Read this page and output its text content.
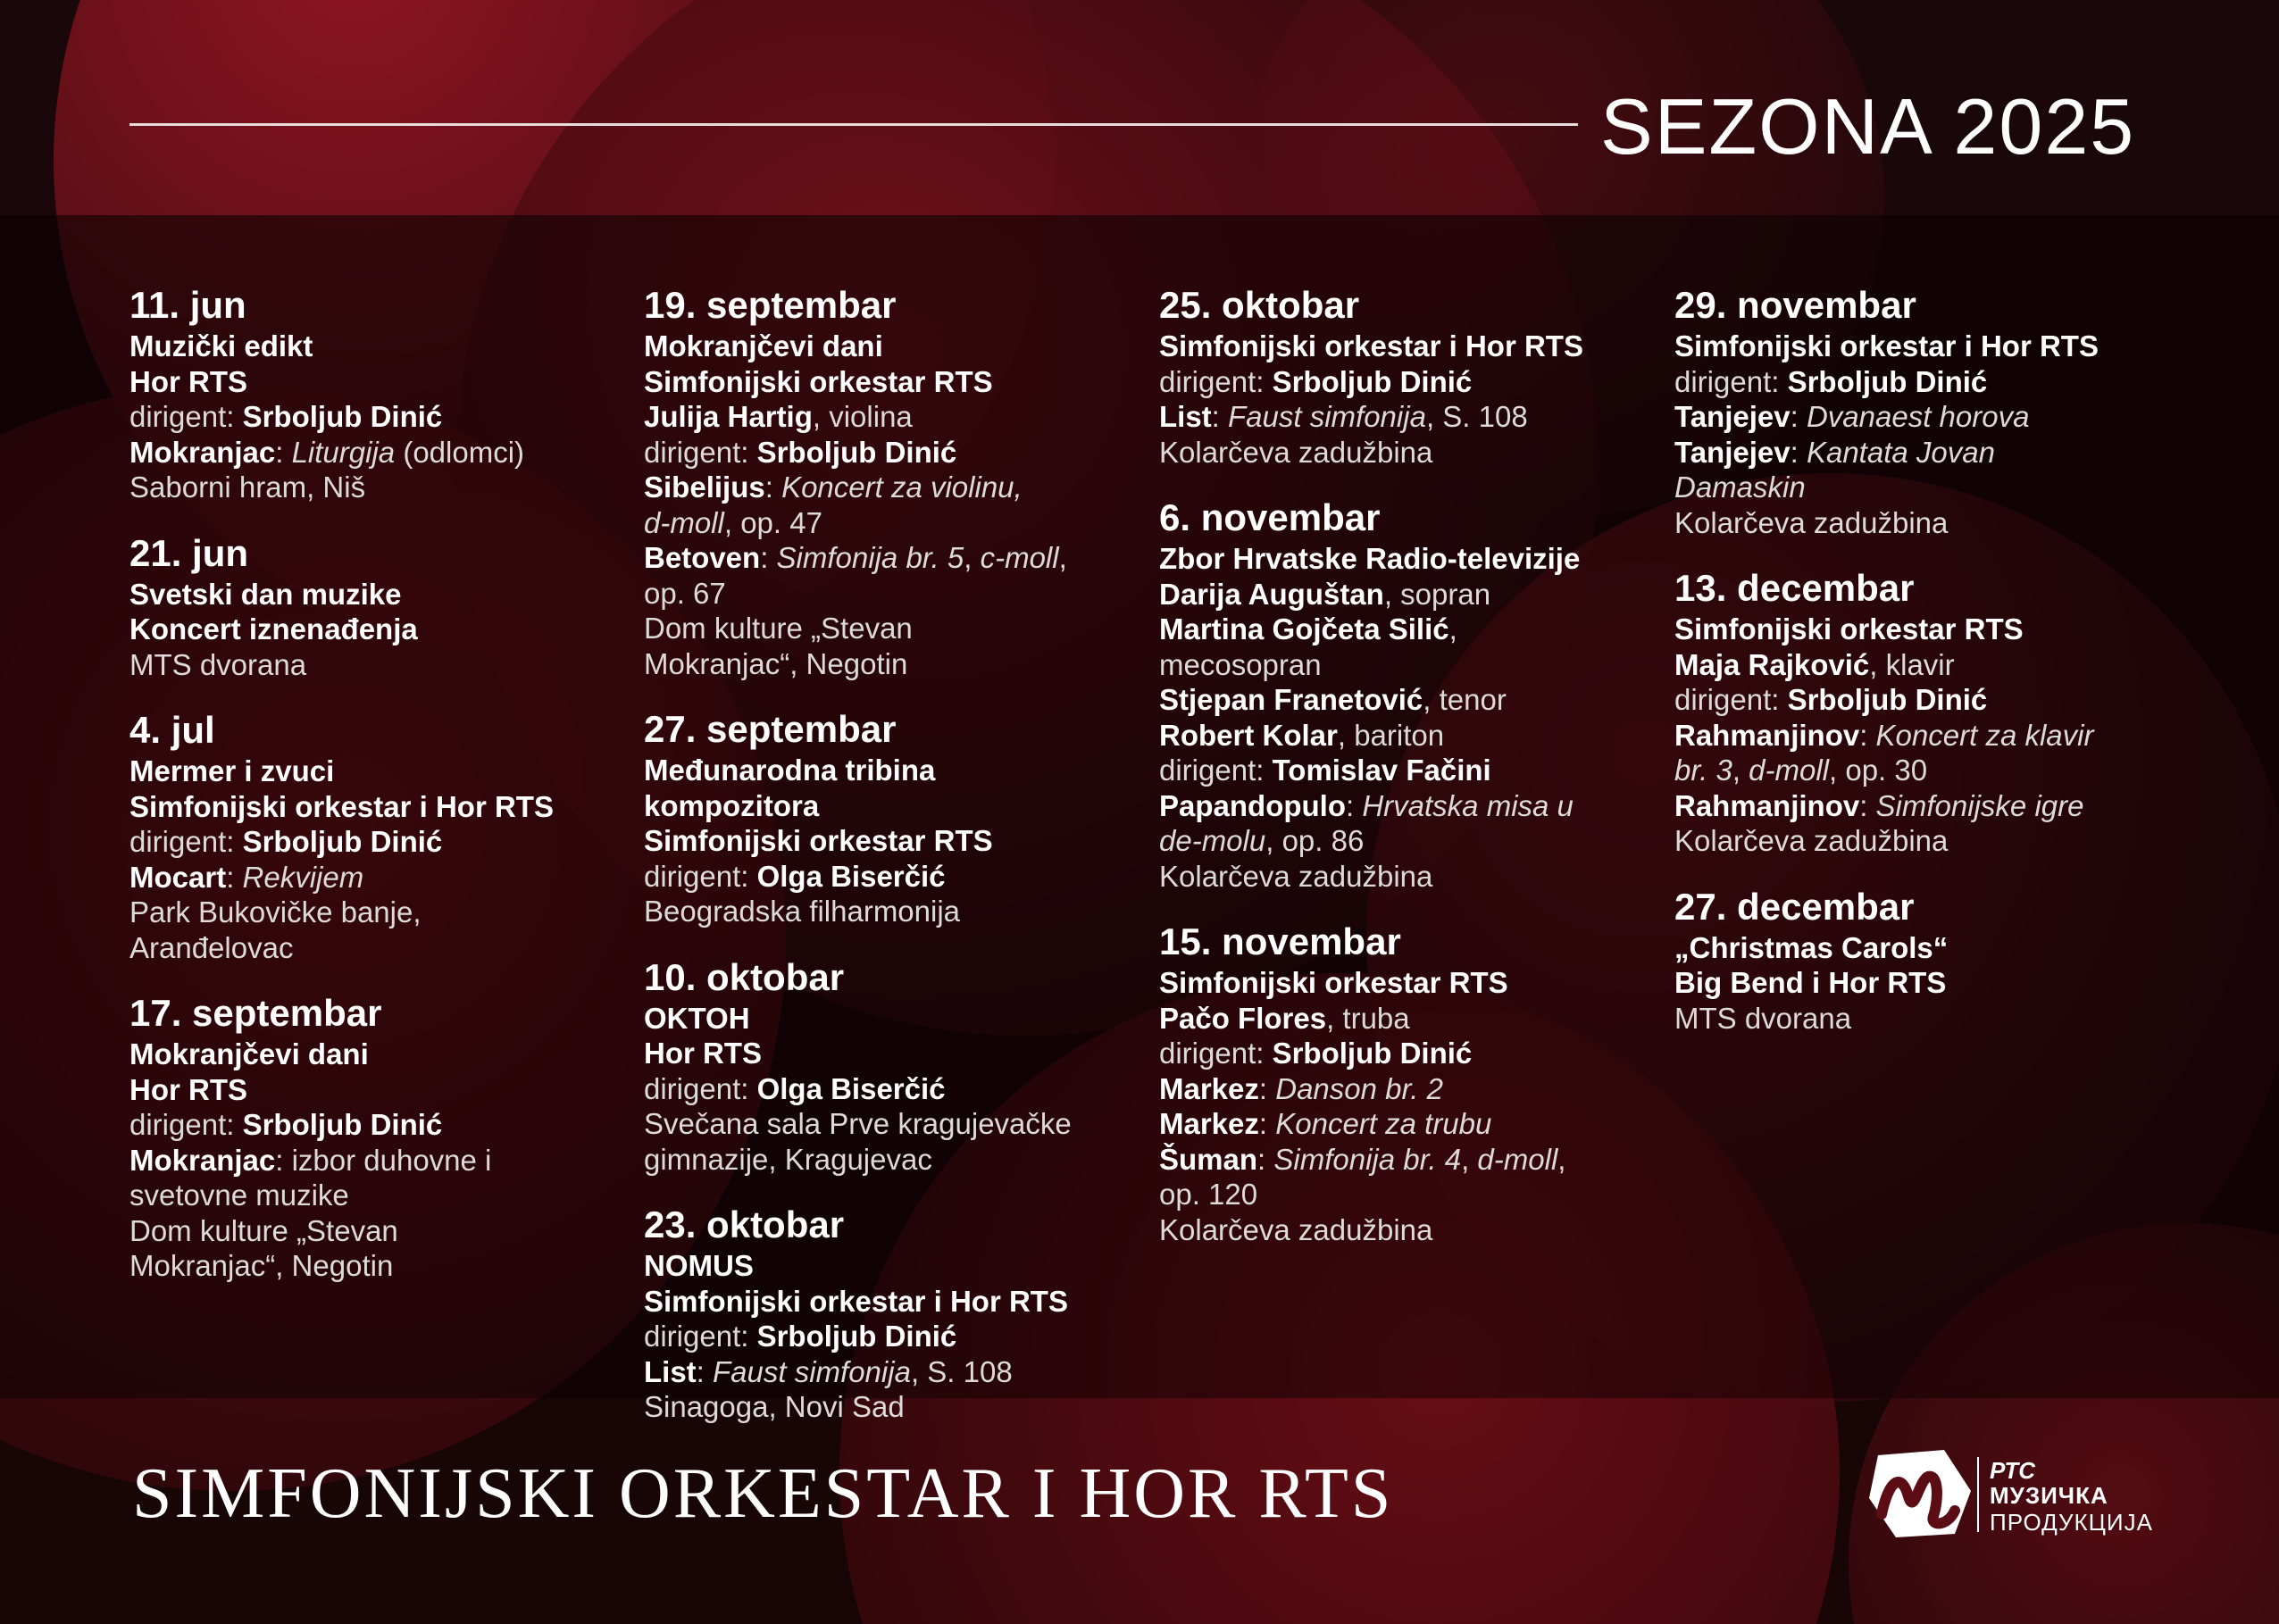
SEZONA 2025
11. jun
Muzički edikt
Hor RTS
dirigent: Srboljub Dinić
Mokranjac: Liturgija (odlomci)
Saborni hram, Niš
21. jun
Svetski dan muzike
Koncert iznenađenja
MTS dvorana
4. jul
Mermer i zvuci
Simfonijski orkestar i Hor RTS
dirigent: Srboljub Dinić
Mocart: Rekvijem
Park Bukovičke banje,
Aranđelovac
17. septembar
Mokranjčevi dani
Hor RTS
dirigent: Srboljub Dinić
Mokranjac: izbor duhovne i
svetovne muzike
Dom kulture „Stevan
Mokranjac“, Negotin
19. septembar
Mokranjčevi dani
Simfonijski orkestar RTS
Julija Hartig, violina
dirigent: Srboljub Dinić
Sibelijus: Koncert za violinu,
d-moll, op. 47
Betoven: Simfonija br. 5, c-moll,
op. 67
Dom kulture „Stevan
Mokranjac“, Negotin
27. septembar
Međunarodna tribina
kompozitora
Simfonijski orkestar RTS
dirigent: Olga Biserčić
Beogradska filharmonija
10. oktobar
OKTOH
Hor RTS
dirigent: Olga Biserčić
Svečana sala Prve kragujevačke
gimnazije, Kragujevac
23. oktobar
NOMUS
Simfonijski orkestar i Hor RTS
dirigent: Srboljub Dinić
List: Faust simfonija, S. 108
Sinagoga, Novi Sad
25. oktobar
Simfonijski orkestar i Hor RTS
dirigent: Srboljub Dinić
List: Faust simfonija, S. 108
Kolarčeva zadužbina
6. novembar
Zbor Hrvatske Radio-televizije
Darija Auguštan, sopran
Martina Gojčeta Silić,
mecosopran
Stjepan Franetović, tenor
Robert Kolar, bariton
dirigent: Tomislav Fačini
Papandopulo: Hrvatska misa u
de-molu, op. 86
Kolarčeva zadužbina
15. novembar
Simfonijski orkestar RTS
Pačo Flores, truba
dirigent: Srboljub Dinić
Markez: Danson br. 2
Markez: Koncert za trubu
Šuman: Simfonija br. 4, d-moll,
op. 120
Kolarčeva zadužbina
29. novembar
Simfonijski orkestar i Hor RTS
dirigent: Srboljub Dinić
Tanjejev: Dvanaest horova
Tanjejev: Kantata Jovan
Damaskin
Kolarčeva zadužbina
13. decembar
Simfonijski orkestar RTS
Maja Rajković, klavir
dirigent: Srboljub Dinić
Rahmanjinov: Koncert za klavir
br. 3, d-moll, op. 30
Rahmanjinov: Simfonijske igre
Kolarčeva zadužbina
27. decembar
„Christmas Carols“
Big Bend i Hor RTS
MTS dvorana
SIMFONIJSKI ORKESTAR I HOR RTS	РТС
МУЗИЧКА
ПРОДУКЦИЈА
